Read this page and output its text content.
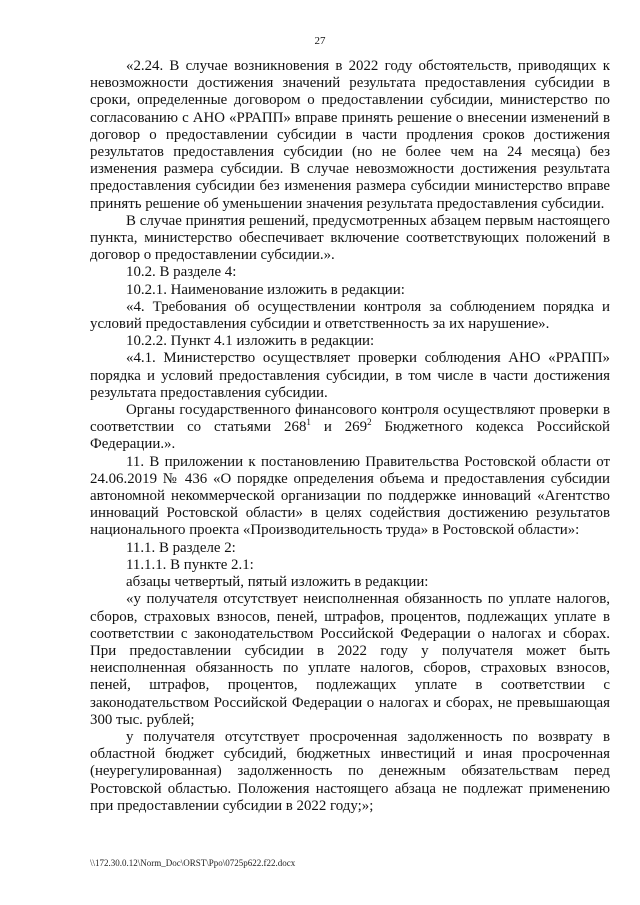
27

«2.24. В случае возникновения в 2022 году обстоятельств, приводящих к невозможности достижения значений результата предоставления субсидии в сроки, определенные договором о предоставлении субсидии, министерство по согласованию с АНО «РРАПП» вправе принять решение о внесении изменений в договор о предоставлении субсидии в части продления сроков достижения результатов предоставления субсидии (но не более чем на 24 месяца) без изменения размера субсидии. В случае невозможности достижения результата предоставления субсидии без изменения размера субсидии министерство вправе принять решение об уменьшении значения результата предоставления субсидии.

В случае принятия решений, предусмотренных абзацем первым настоящего пункта, министерство обеспечивает включение соответствующих положений в договор о предоставлении субсидии.».

10.2. В разделе 4:

10.2.1. Наименование изложить в редакции:

«4. Требования об осуществлении контроля за соблюдением порядка и условий предоставления субсидии и ответственность за их нарушение».

10.2.2. Пункт 4.1 изложить в редакции:

«4.1. Министерство осуществляет проверки соблюдения АНО «РРАПП» порядка и условий предоставления субсидии, в том числе в части достижения результата предоставления субсидии.

Органы государственного финансового контроля осуществляют проверки в соответствии со статьями $268^1$ и $269^2$ Бюджетного кодекса Российской Федерации.».

11. В приложении к постановлению Правительства Ростовской области от 24.06.2019 № 436 «О порядке определения объема и предоставления субсидии автономной некоммерческой организации по поддержке инноваций «Агентство инноваций Ростовской области» в целях содействия достижению результатов национального проекта «Производительность труда» в Ростовской области»:

11.1. В разделе 2:

11.1.1. В пункте 2.1:

абзацы четвертый, пятый изложить в редакции:

«у получателя отсутствует неисполненная обязанность по уплате налогов, сборов, страховых взносов, пеней, штрафов, процентов, подлежащих уплате в соответствии с законодательством Российской Федерации о налогах и сборах. При предоставлении субсидии в 2022 году у получателя может быть неисполненная обязанность по уплате налогов, сборов, страховых взносов, пеней, штрафов, процентов, подлежащих уплате в соответствии с законодательством Российской Федерации о налогах и сборах, не превышающая 300 тыс. рублей;

у получателя отсутствует просроченная задолженность по возврату в областной бюджет субсидий, бюджетных инвестиций и иная просроченная (неурегулированная) задолженность по денежным обязательствам перед Ростовской областью. Положения настоящего абзаца не подлежат применению при предоставлении субсидии в 2022 году;»;

\\172.30.0.12\Norm_Doc\ORST\Ppo\0725p622.f22.docx
